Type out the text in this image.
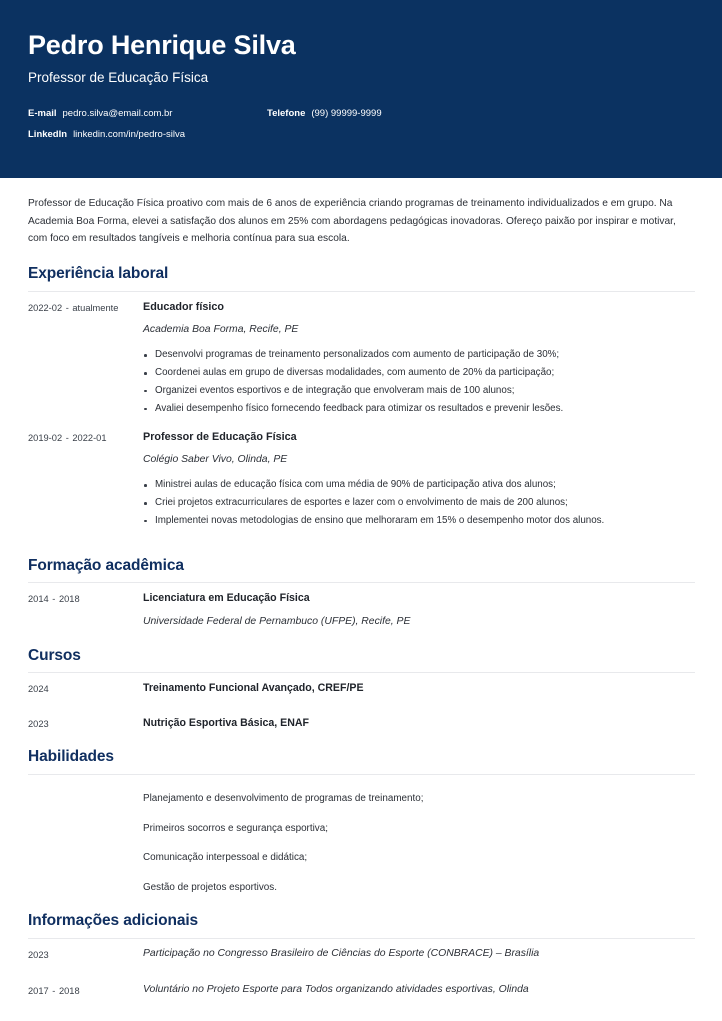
Pedro Henrique Silva
Professor de Educação Física
E-mail pedro.silva@email.com.br	Telefone (99) 99999-9999
LinkedIn linkedin.com/in/pedro-silva
Professor de Educação Física proativo com mais de 6 anos de experiência criando programas de treinamento individualizados e em grupo. Na Academia Boa Forma, elevei a satisfação dos alunos em 25% com abordagens pedagógicas inovadoras. Ofereço paixão por inspirar e motivar, com foco em resultados tangíveis e melhoria contínua para sua escola.
Experiência laboral
2022-02 - atualmente	Educador físico
Academia Boa Forma, Recife, PE
Desenvolvi programas de treinamento personalizados com aumento de participação de 30%;
Coordenei aulas em grupo de diversas modalidades, com aumento de 20% da participação;
Organizei eventos esportivos e de integração que envolveram mais de 100 alunos;
Avaliei desempenho físico fornecendo feedback para otimizar os resultados e prevenir lesões.
2019-02 - 2022-01	Professor de Educação Física
Colégio Saber Vivo, Olinda, PE
Ministrei aulas de educação física com uma média de 90% de participação ativa dos alunos;
Criei projetos extracurriculares de esportes e lazer com o envolvimento de mais de 200 alunos;
Implementei novas metodologias de ensino que melhoraram em 15% o desempenho motor dos alunos.
Formação acadêmica
2014 - 2018	Licenciatura em Educação Física
Universidade Federal de Pernambuco (UFPE), Recife, PE
Cursos
2024	Treinamento Funcional Avançado, CREF/PE
2023	Nutrição Esportiva Básica, ENAF
Habilidades
Planejamento e desenvolvimento de programas de treinamento;
Primeiros socorros e segurança esportiva;
Comunicação interpessoal e didática;
Gestão de projetos esportivos.
Informações adicionais
2023	Participação no Congresso Brasileiro de Ciências do Esporte (CONBRACE) – Brasília
2017 - 2018	Voluntário no Projeto Esporte para Todos organizando atividades esportivas, Olinda
